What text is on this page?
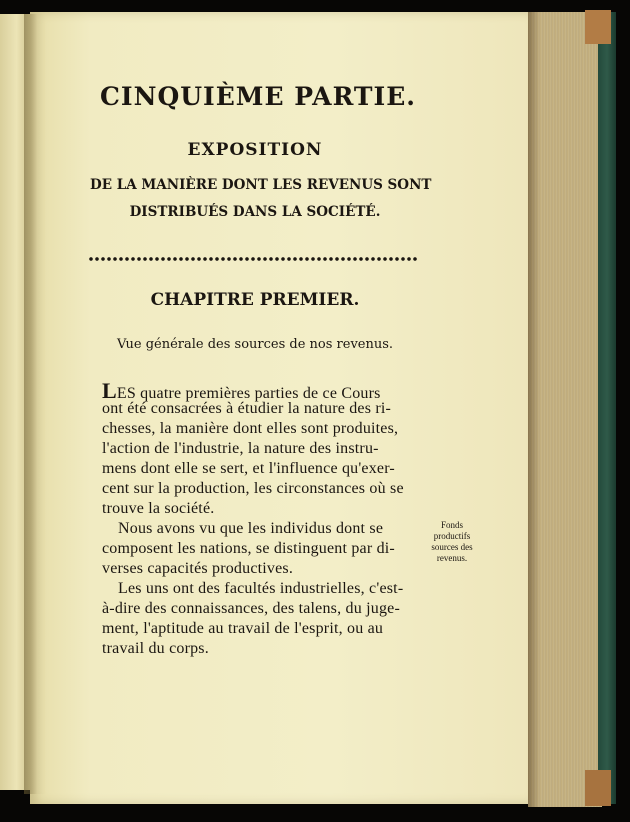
CINQUIÈME PARTIE.
EXPOSITION
DE LA MANIÈRE DONT LES REVENUS SONT
DISTRIBUÉS DANS LA SOCIÉTÉ.
CHAPITRE PREMIER.
Vue générale des sources de nos revenus.
LES quatre premières parties de ce Cours
ont été consacrées à étudier la nature des ri-
chesses, la manière dont elles sont produites,
l'action de l'industrie, la nature des instru-
mens dont elle se sert, et l'influence qu'exer-
cent sur la production, les circonstances où se
trouve la société.
Nous avons vu que les individus dont se
composent les nations, se distinguent par di-
verses capacités productives.
Les uns ont des facultés industrielles, c'est-
à-dire des connaissances, des talens, du juge-
ment, l'aptitude au travail de l'esprit, ou au
travail du corps.
Fonds
productifs
sources des
revenus.
